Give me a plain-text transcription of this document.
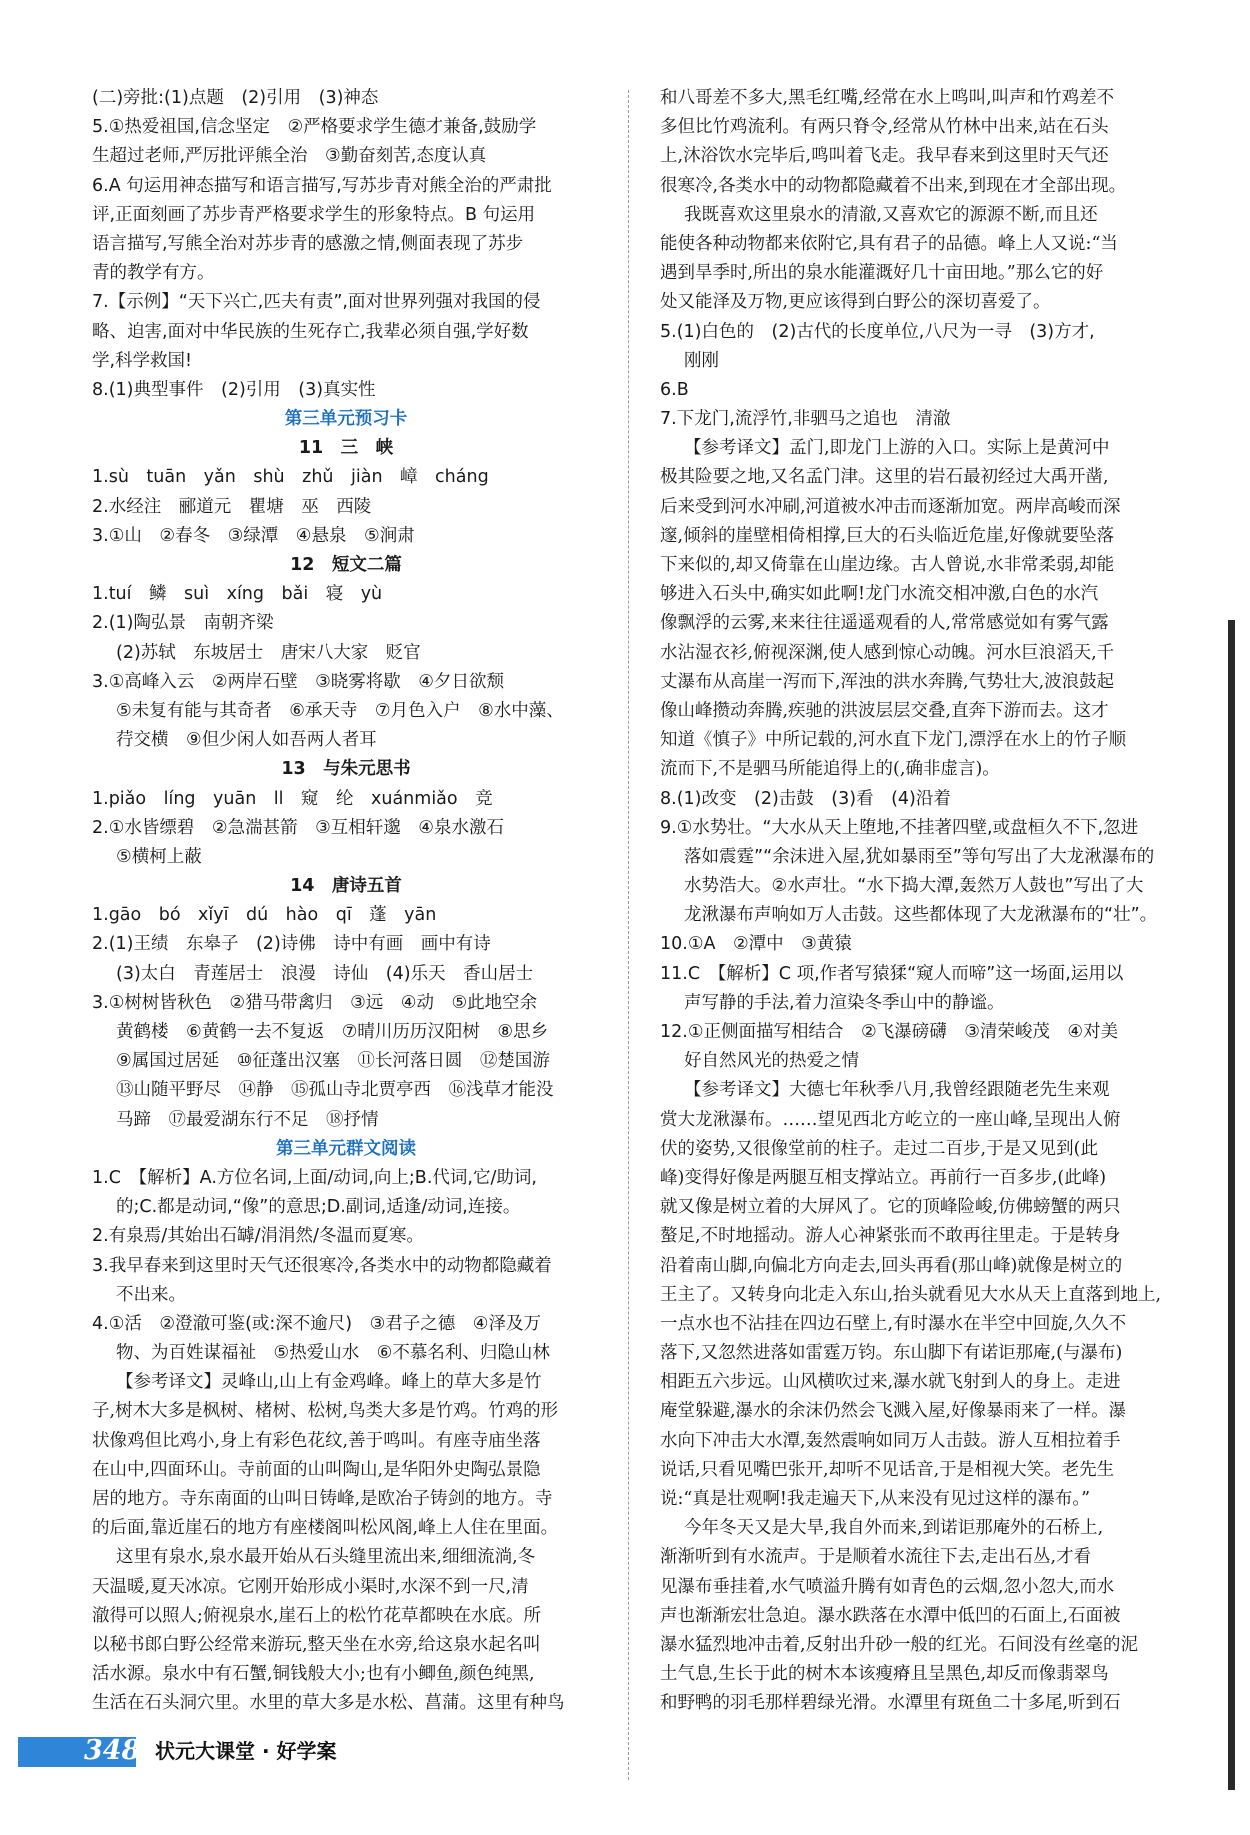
(二)旁批:(1)点题　(2)引用　(3)神态
5.①热爱祖国,信念坚定　②严格要求学生德才兼备,鼓励学
生超过老师,严厉批评熊全治　③勤奋刻苦,态度认真
6.A 句运用神态描写和语言描写,写苏步青对熊全治的严肃批
评,正面刻画了苏步青严格要求学生的形象特点。B 句运用
语言描写,写熊全治对苏步青的感激之情,侧面表现了苏步
青的教学有方。
7.【示例】“天下兴亡,匹夫有责”,面对世界列强对我国的侵
略、迫害,面对中华民族的生死存亡,我辈必须自强,学好数
学,科学救国!
8.(1)典型事件　(2)引用　(3)真实性
第三单元预习卡
11　三　峡
1.sù　tuān　yǎn　shù　zhǔ　jiàn　嶂　cháng
2.水经注　郦道元　瞿塘　巫　西陵
3.①山　②春冬　③绿潭　④悬泉　⑤涧肃
12　短文二篇
1.tuí　鳞　suì　xíng　bǎi　寝　yù
2.(1)陶弘景　南朝齐梁
(2)苏轼　东坡居士　唐宋八大家　贬官
3.①高峰入云　②两岸石壁　③晓雾将歇　④夕日欲颓
⑤未复有能与其奇者　⑥承天寺　⑦月色入户　⑧水中藻、
荇交横　⑨但少闲人如吾两人者耳
13　与朱元思书
1.piǎo　líng　yuān　ll　窥　纶　xuánmiǎo　竞
2.①水皆缥碧　②急湍甚箭　③互相轩邈　④泉水激石
⑤横柯上蔽
14　唐诗五首
1.gāo　bó　xǐyī　dú　hào　qī　蓬　yān
2.(1)王绩　东皋子　(2)诗佛　诗中有画　画中有诗
(3)太白　青莲居士　浪漫　诗仙　(4)乐天　香山居士
3.①树树皆秋色　②猎马带禽归　③远　④动　⑤此地空余
黄鹤楼　⑥黄鹤一去不复返　⑦晴川历历汉阳树　⑧思乡
⑨属国过居延　⑩征蓬出汉塞　⑪长河落日圆　⑫楚国游
⑬山随平野尽　⑭静　⑮孤山寺北贾亭西　⑯浅草才能没
马蹄　⑰最爱湖东行不足　⑱抒情
第三单元群文阅读
1.C　【解析】A.方位名词,上面/动词,向上;B.代词,它/助词,
的;C.都是动词,“像”的意思;D.副词,适逢/动词,连接。
2.有泉焉/其始出石罅/涓涓然/冬温而夏寒。
3.我早春来到这里时天气还很寒冷,各类水中的动物都隐藏着
不出来。
4.①活　②澄澈可鉴(或:深不逾尺)　③君子之德　④泽及万
物、为百姓谋福祉　⑤热爱山水　⑥不慕名利、归隐山林
【参考译文】灵峰山,山上有金鸡峰。峰上的草大多是竹
子,树木大多是枫树、楮树、松树,鸟类大多是竹鸡。竹鸡的形
状像鸡但比鸡小,身上有彩色花纹,善于鸣叫。有座寺庙坐落
在山中,四面环山。寺前面的山叫陶山,是华阳外史陶弘景隐
居的地方。寺东南面的山叫日铸峰,是欧冶子铸剑的地方。寺
的后面,靠近崖石的地方有座楼阁叫松风阁,峰上人住在里面。
这里有泉水,泉水最开始从石头缝里流出来,细细流淌,冬
天温暖,夏天冰凉。它刚开始形成小渠时,水深不到一尺,清
澈得可以照人;俯视泉水,崖石上的松竹花草都映在水底。所
以秘书郎白野公经常来游玩,整天坐在水旁,给这泉水起名叫
活水源。泉水中有石蟹,铜钱般大小;也有小鲫鱼,颜色纯黑,
生活在石头洞穴里。水里的草大多是水松、菖蒲。这里有种鸟
和八哥差不多大,黑毛红嘴,经常在水上鸣叫,叫声和竹鸡差不
多但比竹鸡流利。有两只脊令,经常从竹林中出来,站在石头
上,沐浴饮水完毕后,鸣叫着飞走。我早春来到这里时天气还
很寒冷,各类水中的动物都隐藏着不出来,到现在才全部出现。
我既喜欢这里泉水的清澈,又喜欢它的源源不断,而且还
能使各种动物都来依附它,具有君子的品德。峰上人又说:“当
遇到旱季时,所出的泉水能灌溉好几十亩田地。”那么它的好
处又能泽及万物,更应该得到白野公的深切喜爱了。
5.(1)白色的　(2)古代的长度单位,八尺为一寻　(3)方才,
刚刚
6.B
7.下龙门,流浮竹,非驷马之追也　清澈
【参考译文】孟门,即龙门上游的入口。实际上是黄河中
极其险要之地,又名孟门津。这里的岩石最初经过大禹开凿,
后来受到河水冲刷,河道被水冲击而逐渐加宽。两岸高峻而深
邃,倾斜的崖壁相倚相撑,巨大的石头临近危崖,好像就要坠落
下来似的,却又倚靠在山崖边缘。古人曾说,水非常柔弱,却能
够进入石头中,确实如此啊!龙门水流交相冲激,白色的水汽
像飘浮的云雾,来来往往遥遥观看的人,常常感觉如有雾气露
水沾湿衣衫,俯视深渊,使人感到惊心动魄。河水巨浪滔天,千
丈瀑布从高崖一泻而下,浑浊的洪水奔腾,气势壮大,波浪鼓起
像山峰攒动奔腾,疾驰的洪波层层交叠,直奔下游而去。这才
知道《慎子》中所记载的,河水直下龙门,漂浮在水上的竹子顺
流而下,不是驷马所能追得上的(,确非虚言)。
8.(1)改变　(2)击鼓　(3)看　(4)沿着
9.①水势壮。“大水从天上堕地,不挂著四壁,或盘桓久不下,忽进
落如震霆”“余沫进入屋,犹如暴雨至”等句写出了大龙湫瀑布的
水势浩大。②水声壮。“水下捣大潭,轰然万人鼓也”写出了大
龙湫瀑布声响如万人击鼓。这些都体现了大龙湫瀑布的“壮”。
10.①A　②潭中　③黄猿
11.C　【解析】C 项,作者写猿猱“窥人而啼”这一场面,运用以
声写静的手法,着力渲染冬季山中的静谧。
12.①正侧面描写相结合　②飞瀑磅礴　③清荣峻茂　④对美
好自然风光的热爱之情
【参考译文】大德七年秋季八月,我曾经跟随老先生来观
赏大龙湫瀑布。……望见西北方屹立的一座山峰,呈现出人俯
伏的姿势,又很像堂前的柱子。走过二百步,于是又见到(此
峰)变得好像是两腿互相支撑站立。再前行一百多步,(此峰)
就又像是树立着的大屏风了。它的顶峰险峻,仿佛螃蟹的两只
螯足,不时地摇动。游人心神紧张而不敢再往里走。于是转身
沿着南山脚,向偏北方向走去,回头再看(那山峰)就像是树立的
王主了。又转身向北走入东山,抬头就看见大水从天上直落到地上,
一点水也不沾挂在四边石壁上,有时瀑水在半空中回旋,久久不
落下,又忽然进落如雷霆万钧。东山脚下有诺讵那庵,(与瀑布)
相距五六步远。山风横吹过来,瀑水就飞射到人的身上。走进
庵堂躲避,瀑水的余沫仍然会飞溅入屋,好像暴雨来了一样。瀑
水向下冲击大水潭,轰然震响如同万人击鼓。游人互相拉着手
说话,只看见嘴巴张开,却听不见话音,于是相视大笑。老先生
说:“真是壮观啊!我走遍天下,从来没有见过这样的瀑布。”
今年冬天又是大旱,我自外而来,到诺讵那庵外的石桥上,
渐渐听到有水流声。于是顺着水流往下去,走出石丛,才看
见瀑布垂挂着,水气喷溢升腾有如青色的云烟,忽小忽大,而水
声也渐渐宏壮急迫。瀑水跌落在水潭中低凹的石面上,石面被
瀑水猛烈地冲击着,反射出升砂一般的红光。石间没有丝毫的泥
土气息,生长于此的树木本该瘦瘠且呈黑色,却反而像翡翠鸟
和野鸭的羽毛那样碧绿光滑。水潭里有斑鱼二十多尾,听到石
348 状元大课堂 · 好学案
